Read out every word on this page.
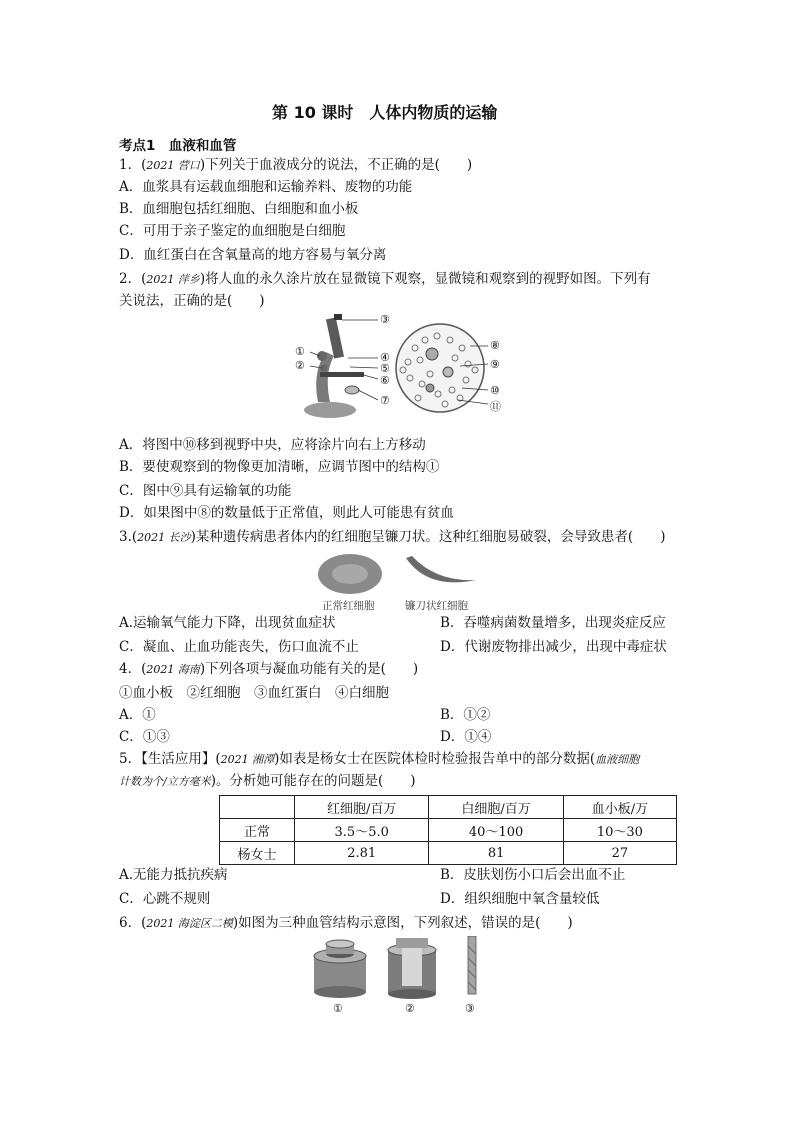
第 10 课时　人体内物质的运输
考点1　血液和血管
1．(2021 营口)下列关于血液成分的说法，不正确的是(　　)
A．血浆具有运载血细胞和运输养料、废物的功能
B．血细胞包括红细胞、白细胞和血小板
C．可用于亲子鉴定的血细胞是白细胞
D．血红蛋白在含氧量高的地方容易与氧分离
2．(2021 萍乡)将人血的永久涂片放在显微镜下观察，显微镜和观察到的视野如图。下列有
关说法，正确的是(　　)
①
②
③
④
⑤
⑥
⑦
⑧
⑨
⑩
⑪
A．将图中⑩移到视野中央，应将涂片向右上方移动
B．要使观察到的物像更加清晰，应调节图中的结构①
C．图中⑨具有运输氧的功能
D．如果图中⑧的数量低于正常值，则此人可能患有贫血
3.(2021 长沙)某种遗传病患者体内的红细胞呈镰刀状。这种红细胞易破裂，会导致患者(　　)
正常红细胞	镰刀状红细胞
A.运输氧气能力下降，出现贫血症状	B．吞噬病菌数量增多，出现炎症反应
C．凝血、止血功能丧失，伤口血流不止	D．代谢废物排出减少，出现中毒症状
4．(2021 海南)下列各项与凝血功能有关的是(　　)
①血小板　②红细胞　③血红蛋白　④白细胞
A．①	B．①②
C．①③	D．①④
5．【生活应用】(2021 湘潭)如表是杨女士在医院体检时检验报告单中的部分数据(血液细胞
计数为个/立方毫米)。分析她可能存在的问题是(　　)
	红细胞/百万	白细胞/百万	血小板/万
正常	3.5～5.0	40～100	10～30
杨女士	2.81	81	27
A.无能力抵抗疾病	B．皮肤划伤小口后会出血不止
C．心跳不规则	D．组织细胞中氧含量较低
6．(2021 海淀区二模)如图为三种血管结构示意图，下列叙述，错误的是(　　)
①	②	③
